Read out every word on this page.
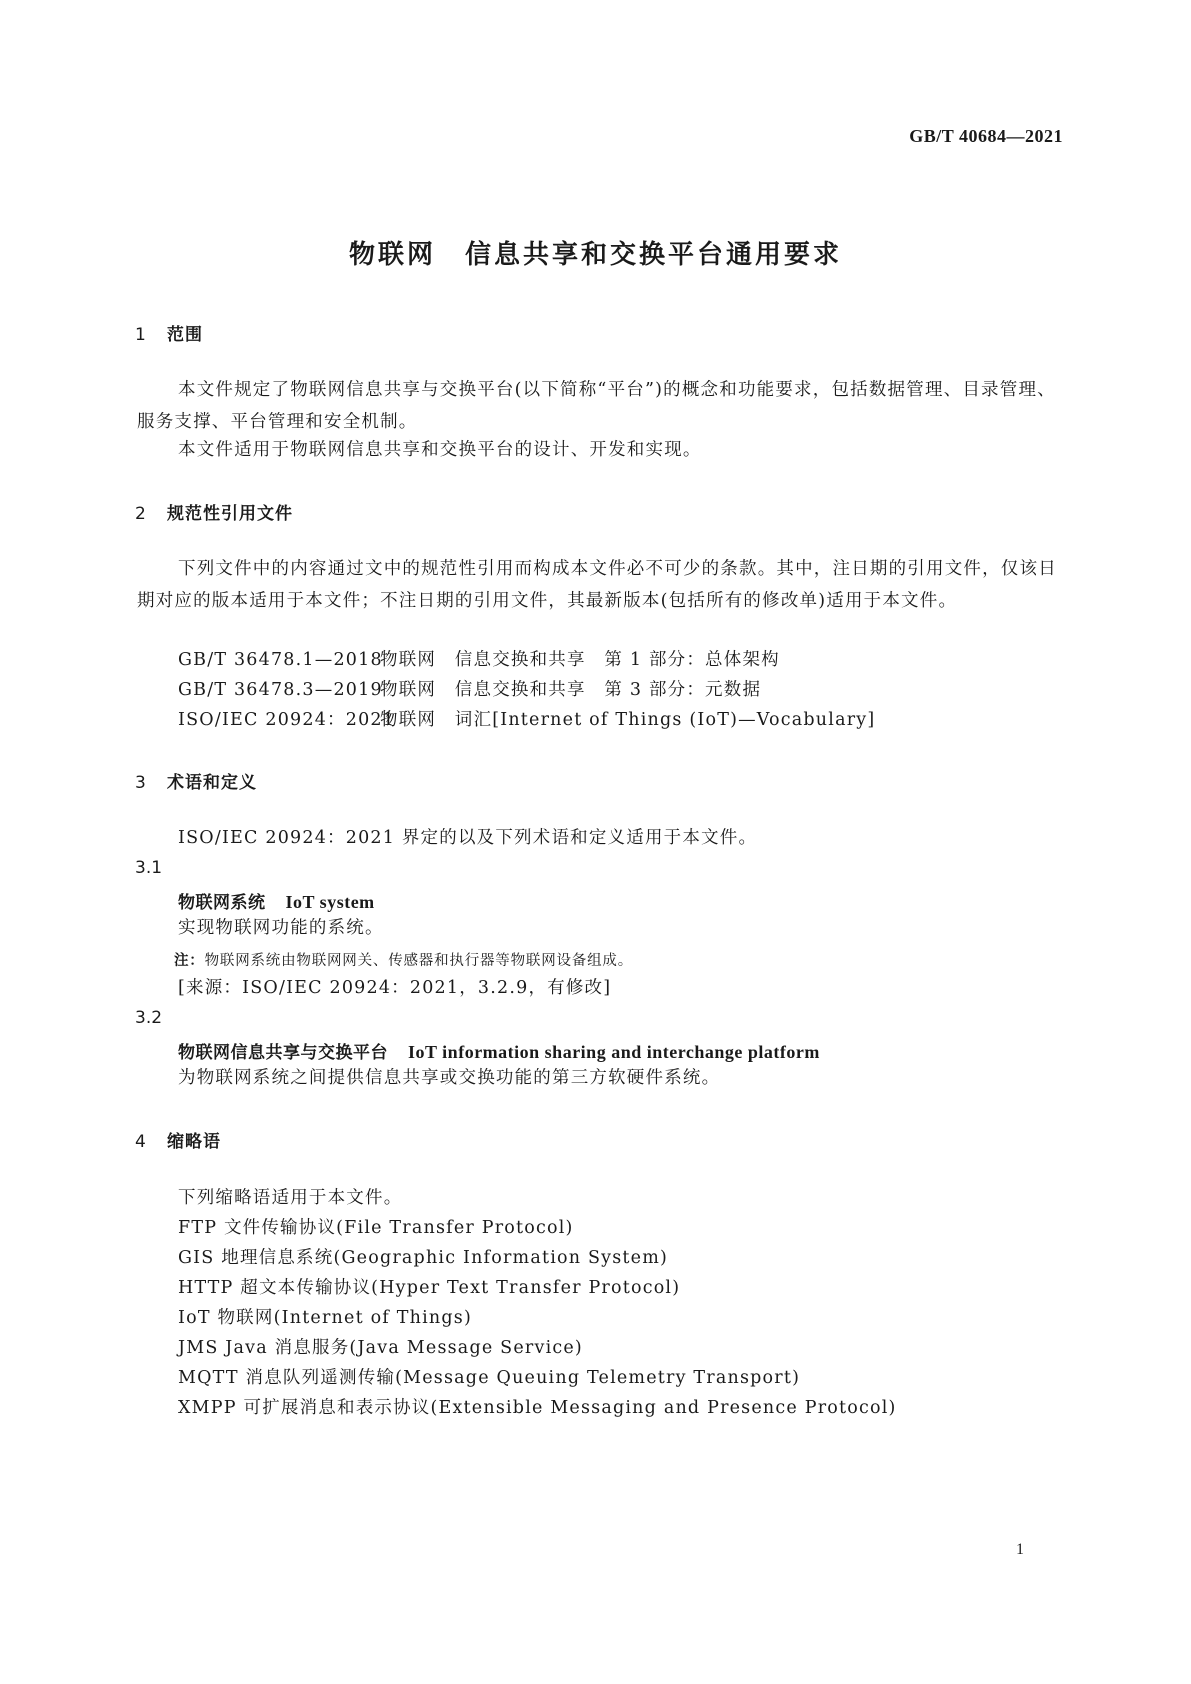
GB/T 40684—2021
物联网　信息共享和交换平台通用要求
1 范围
本文件规定了物联网信息共享与交换平台(以下简称“平台”)的概念和功能要求，包括数据管理、目录管理、服务支撑、平台管理和安全机制。
本文件适用于物联网信息共享和交换平台的设计、开发和实现。
2 规范性引用文件
下列文件中的内容通过文中的规范性引用而构成本文件必不可少的条款。其中，注日期的引用文件，仅该日期对应的版本适用于本文件；不注日期的引用文件，其最新版本(包括所有的修改单)适用于本文件。
GB/T 36478.1—2018物联网　信息交换和共享　第 1 部分：总体架构
GB/T 36478.3—2019物联网　信息交换和共享　第 3 部分：元数据
ISO/IEC 20924：2021物联网　词汇[Internet of Things (IoT)—Vocabulary]
3 术语和定义
ISO/IEC 20924：2021 界定的以及下列术语和定义适用于本文件。
3.1
物联网系统 IoT system
实现物联网功能的系统。
注：物联网系统由物联网网关、传感器和执行器等物联网设备组成。
[来源：ISO/IEC 20924：2021，3.2.9，有修改]
3.2
物联网信息共享与交换平台 IoT information sharing and interchange platform
为物联网系统之间提供信息共享或交换功能的第三方软硬件系统。
4 缩略语
下列缩略语适用于本文件。
FTP 文件传输协议(File Transfer Protocol)
GIS 地理信息系统(Geographic Information System)
HTTP 超文本传输协议(Hyper Text Transfer Protocol)
IoT 物联网(Internet of Things)
JMS Java 消息服务(Java Message Service)
MQTT 消息队列遥测传输(Message Queuing Telemetry Transport)
XMPP 可扩展消息和表示协议(Extensible Messaging and Presence Protocol)
1
